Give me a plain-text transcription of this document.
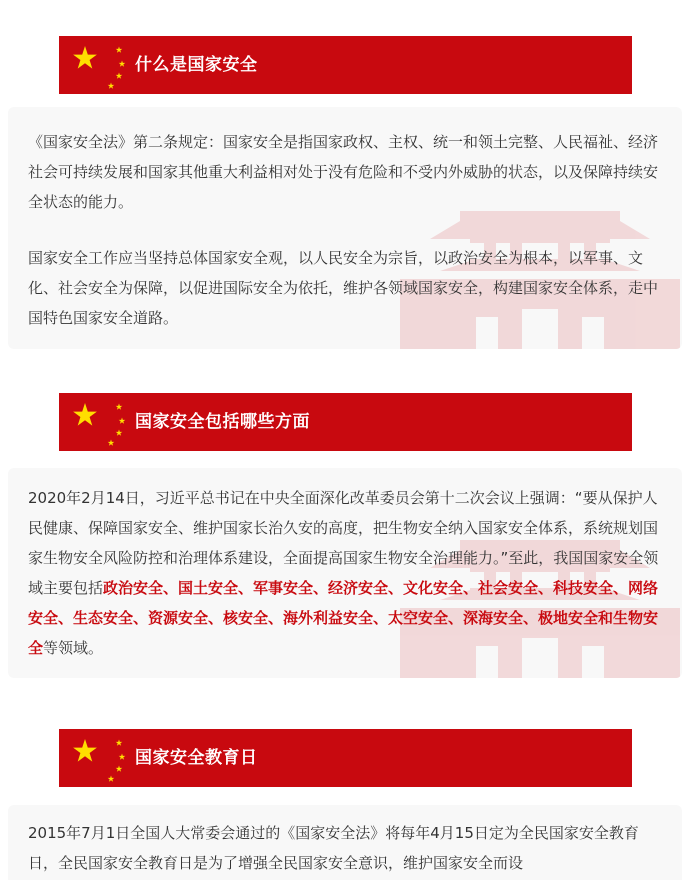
什么是国家安全

《国家安全法》第二条规定：国家安全是指国家政权、主权、统一和领土完整、人民福祉、经济社会可持续发展和国家其他重大利益相对处于没有危险和不受内外威胁的状态，以及保障持续安全状态的能力。

国家安全工作应当坚持总体国家安全观，以人民安全为宗旨，以政治安全为根本，以军事、文化、社会安全为保障，以促进国际安全为依托，维护各领域国家安全，构建国家安全体系，走中国特色国家安全道路。

国家安全包括哪些方面

2020年2月14日，习近平总书记在中央全面深化改革委员会第十二次会议上强调：“要从保护人民健康、保障国家安全、维护国家长治久安的高度，把生物安全纳入国家安全体系，系统规划国家生物安全风险防控和治理体系建设，全面提高国家生物安全治理能力。”至此，我国国家安全领域主要包括政治安全、国土安全、军事安全、经济安全、文化安全、社会安全、科技安全、网络安全、生态安全、资源安全、核安全、海外利益安全、太空安全、深海安全、极地安全和生物安全等领域。

国家安全教育日

2015年7月1日全国人大常委会通过的《国家安全法》将每年4月15日定为全民国家安全教育日，全民国家安全教育日是为了增强全民国家安全意识，维护国家安全而设
